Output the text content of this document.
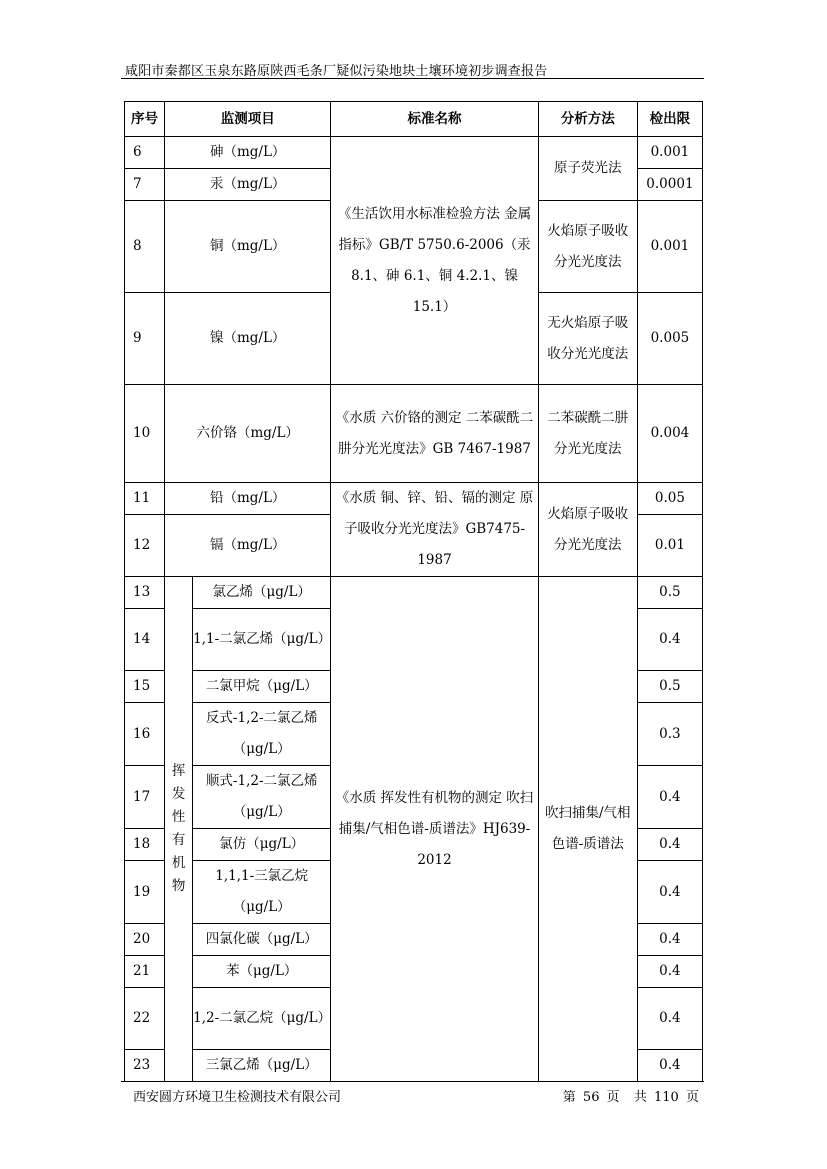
咸阳市秦都区玉泉东路原陕西毛条厂疑似污染地块土壤环境初步调查报告
序号	监测项目		标准名称	分析方法	检出限
6	砷（mg/L）		《生活饮用水标准检验方法 金属指标》GB/T 5750.6-2006（汞 8.1、砷 6.1、铜 4.2.1、镍 15.1）	原子荧光法	0.001
7	汞（mg/L）				0.0001
8	铜（mg/L）			火焰原子吸收分光光度法	0.001
9	镍（mg/L）			无火焰原子吸收分光光度法	0.005
10	六价铬（mg/L）		《水质 六价铬的测定 二苯碳酰二肼分光光度法》GB 7467-1987	二苯碳酰二肼分光光度法	0.004
11	铅（mg/L）		《水质 铜、锌、铅、镉的测定 原子吸收分光光度法》GB7475-1987	火焰原子吸收分光光度法	0.05
12	镉（mg/L）				0.01
13	挥发性有机物	氯乙烯（μg/L）	《水质 挥发性有机物的测定 吹扫捕集/气相色谱-质谱法》HJ639-2012	吹扫捕集/气相色谱-质谱法	0.5
14		1,1-二氯乙烯（μg/L）			0.4
15		二氯甲烷（μg/L）			0.5
16		反式-1,2-二氯乙烯（μg/L）			0.3
17		顺式-1,2-二氯乙烯（μg/L）			0.4
18		氯仿（μg/L）			0.4
19		1,1,1-三氯乙烷（μg/L）			0.4
20		四氯化碳（μg/L）			0.4
21		苯（μg/L）			0.4
22		1,2-二氯乙烷（μg/L）			0.4
23		三氯乙烯（μg/L）			0.4
西安圆方环境卫生检测技术有限公司	第 56 页  共 110 页
